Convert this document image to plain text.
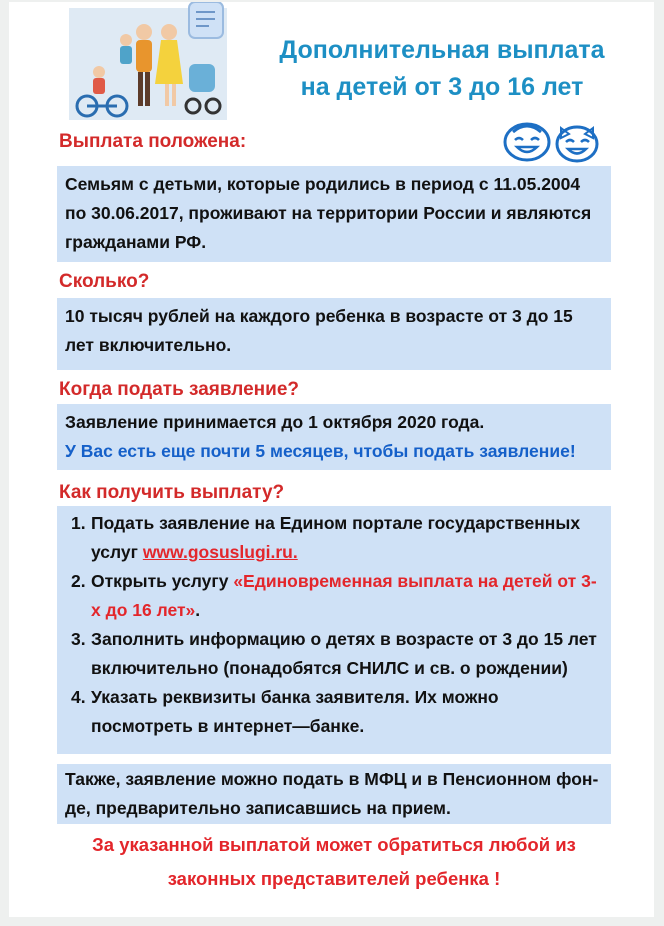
Дополнительная выплата
на детей от 3 до 16 лет
Выплата положена:
Семьям с детьми, которые родились в период с 11.05.2004 по 30.06.2017, проживают на территории России и являются гражданами РФ.
Сколько?
10 тысяч рублей на каждого ребенка в возрасте от 3 до 15 лет включительно.
Когда подать заявление?
Заявление принимается до 1 октября 2020 года.
У Вас есть еще почти 5 месяцев, чтобы подать заявление!
Как получить выплату?
Подать заявление на Едином портале государственных услуг www.gosuslugi.ru.
Открыть услугу «Единовременная выплата на детей от 3-х до 16 лет».
Заполнить информацию о детях в возрасте от 3 до 15 лет включительно (понадобятся СНИЛС и св. о рождении)
Указать реквизиты банка заявителя. Их можно посмотреть в интернет—банке.
Также, заявление можно подать в МФЦ и в Пенсионном фон-де, предварительно записавшись на прием.
За указанной выплатой может обратиться любой из
законных представителей ребенка !
